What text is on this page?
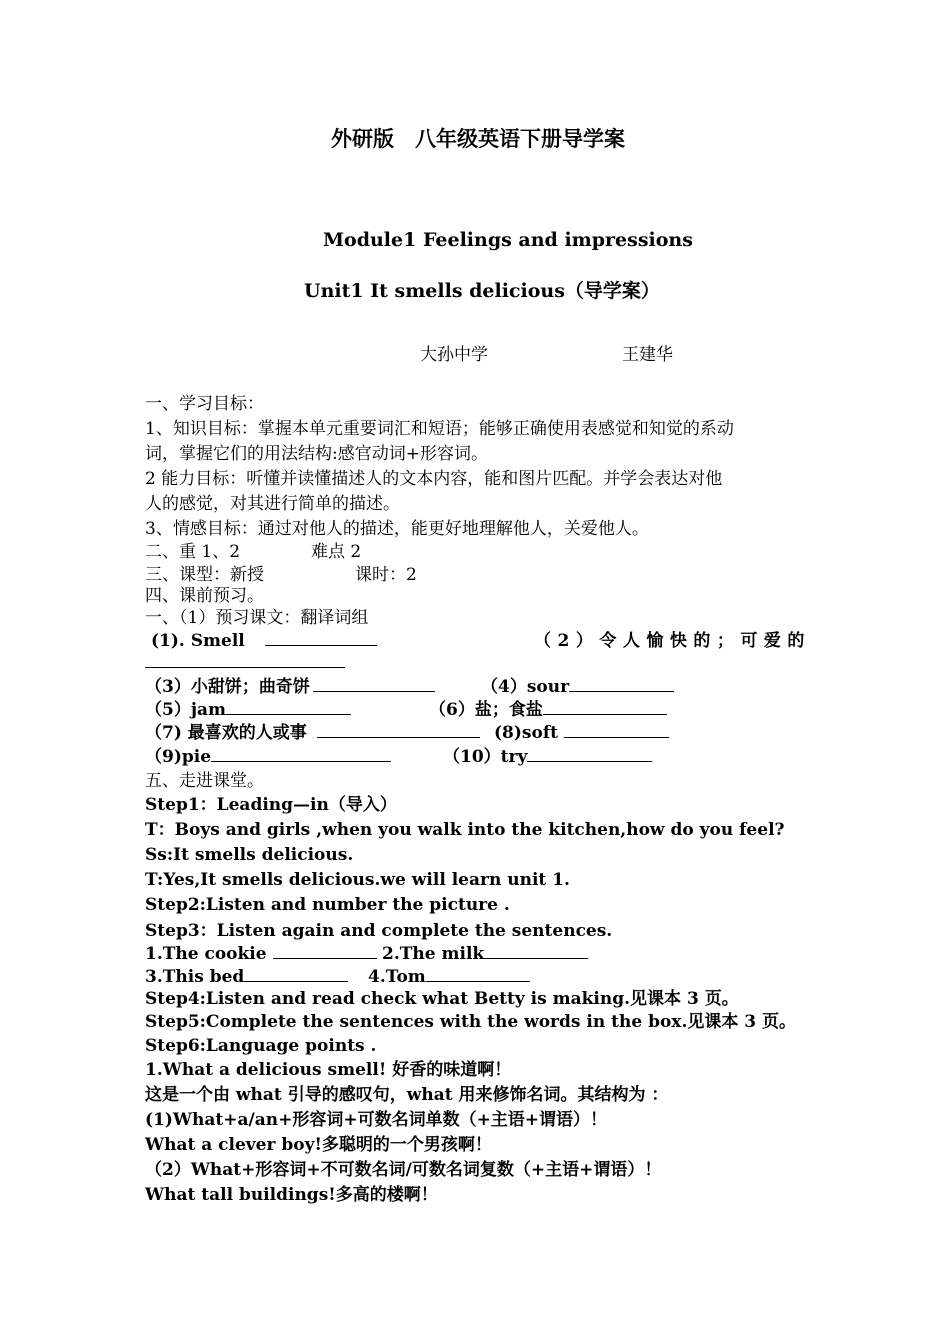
外研版　八年级英语下册导学案
Module1 Feelings and impressions
Unit1 It smells delicious（导学案）
大孙中学	王建华
一、学习目标：
1、知识目标：掌握本单元重要词汇和短语；能够正确使用表感觉和知觉的系动
词，掌握它们的用法结构:感官动词+形容词。
2 能力目标：听懂并读懂描述人的文本内容，能和图片匹配。并学会表达对他
人的感觉，对其进行简单的描述。
3、情感目标：通过对他人的描述，能更好地理解他人，关爱他人。
二、重 1、2	难点 2
三、课型：新授	课时：2
四、课前预习。
一、（1）预习课文：翻译词组
(1). Smell	（2）令人愉快的；可爱的
（3）小甜饼；曲奇饼	（4）sour
（5）jam	（6）盐；食盐
（7) 最喜欢的人或事	(8)soft
（9)pie	（10）try
五、走进课堂。
Step1：Leading—in（导入）
T：Boys and girls ,when you walk into the kitchen,how do you feel?
Ss:It smells delicious.
T:Yes,It smells delicious.we will learn unit 1.
Step2:Listen and number the picture .
Step3：Listen again and complete the sentences.
1.The cookie	2.The milk
3.This bed	4.Tom
Step4:Listen and read check what Betty is making.见课本 3 页。
Step5:Complete the sentences with the words in the box.见课本 3 页。
Step6:Language points .
1.What a delicious smell! 好香的味道啊！
这是一个由 what 引导的感叹句，what 用来修饰名词。其结构为 ：
(1)What+a/an+形容词+可数名词单数（+主语+谓语）！
What a clever boy!多聪明的一个男孩啊！
（2）What+形容词+不可数名词/可数名词复数（+主语+谓语）！
What tall buildings!多高的楼啊！
